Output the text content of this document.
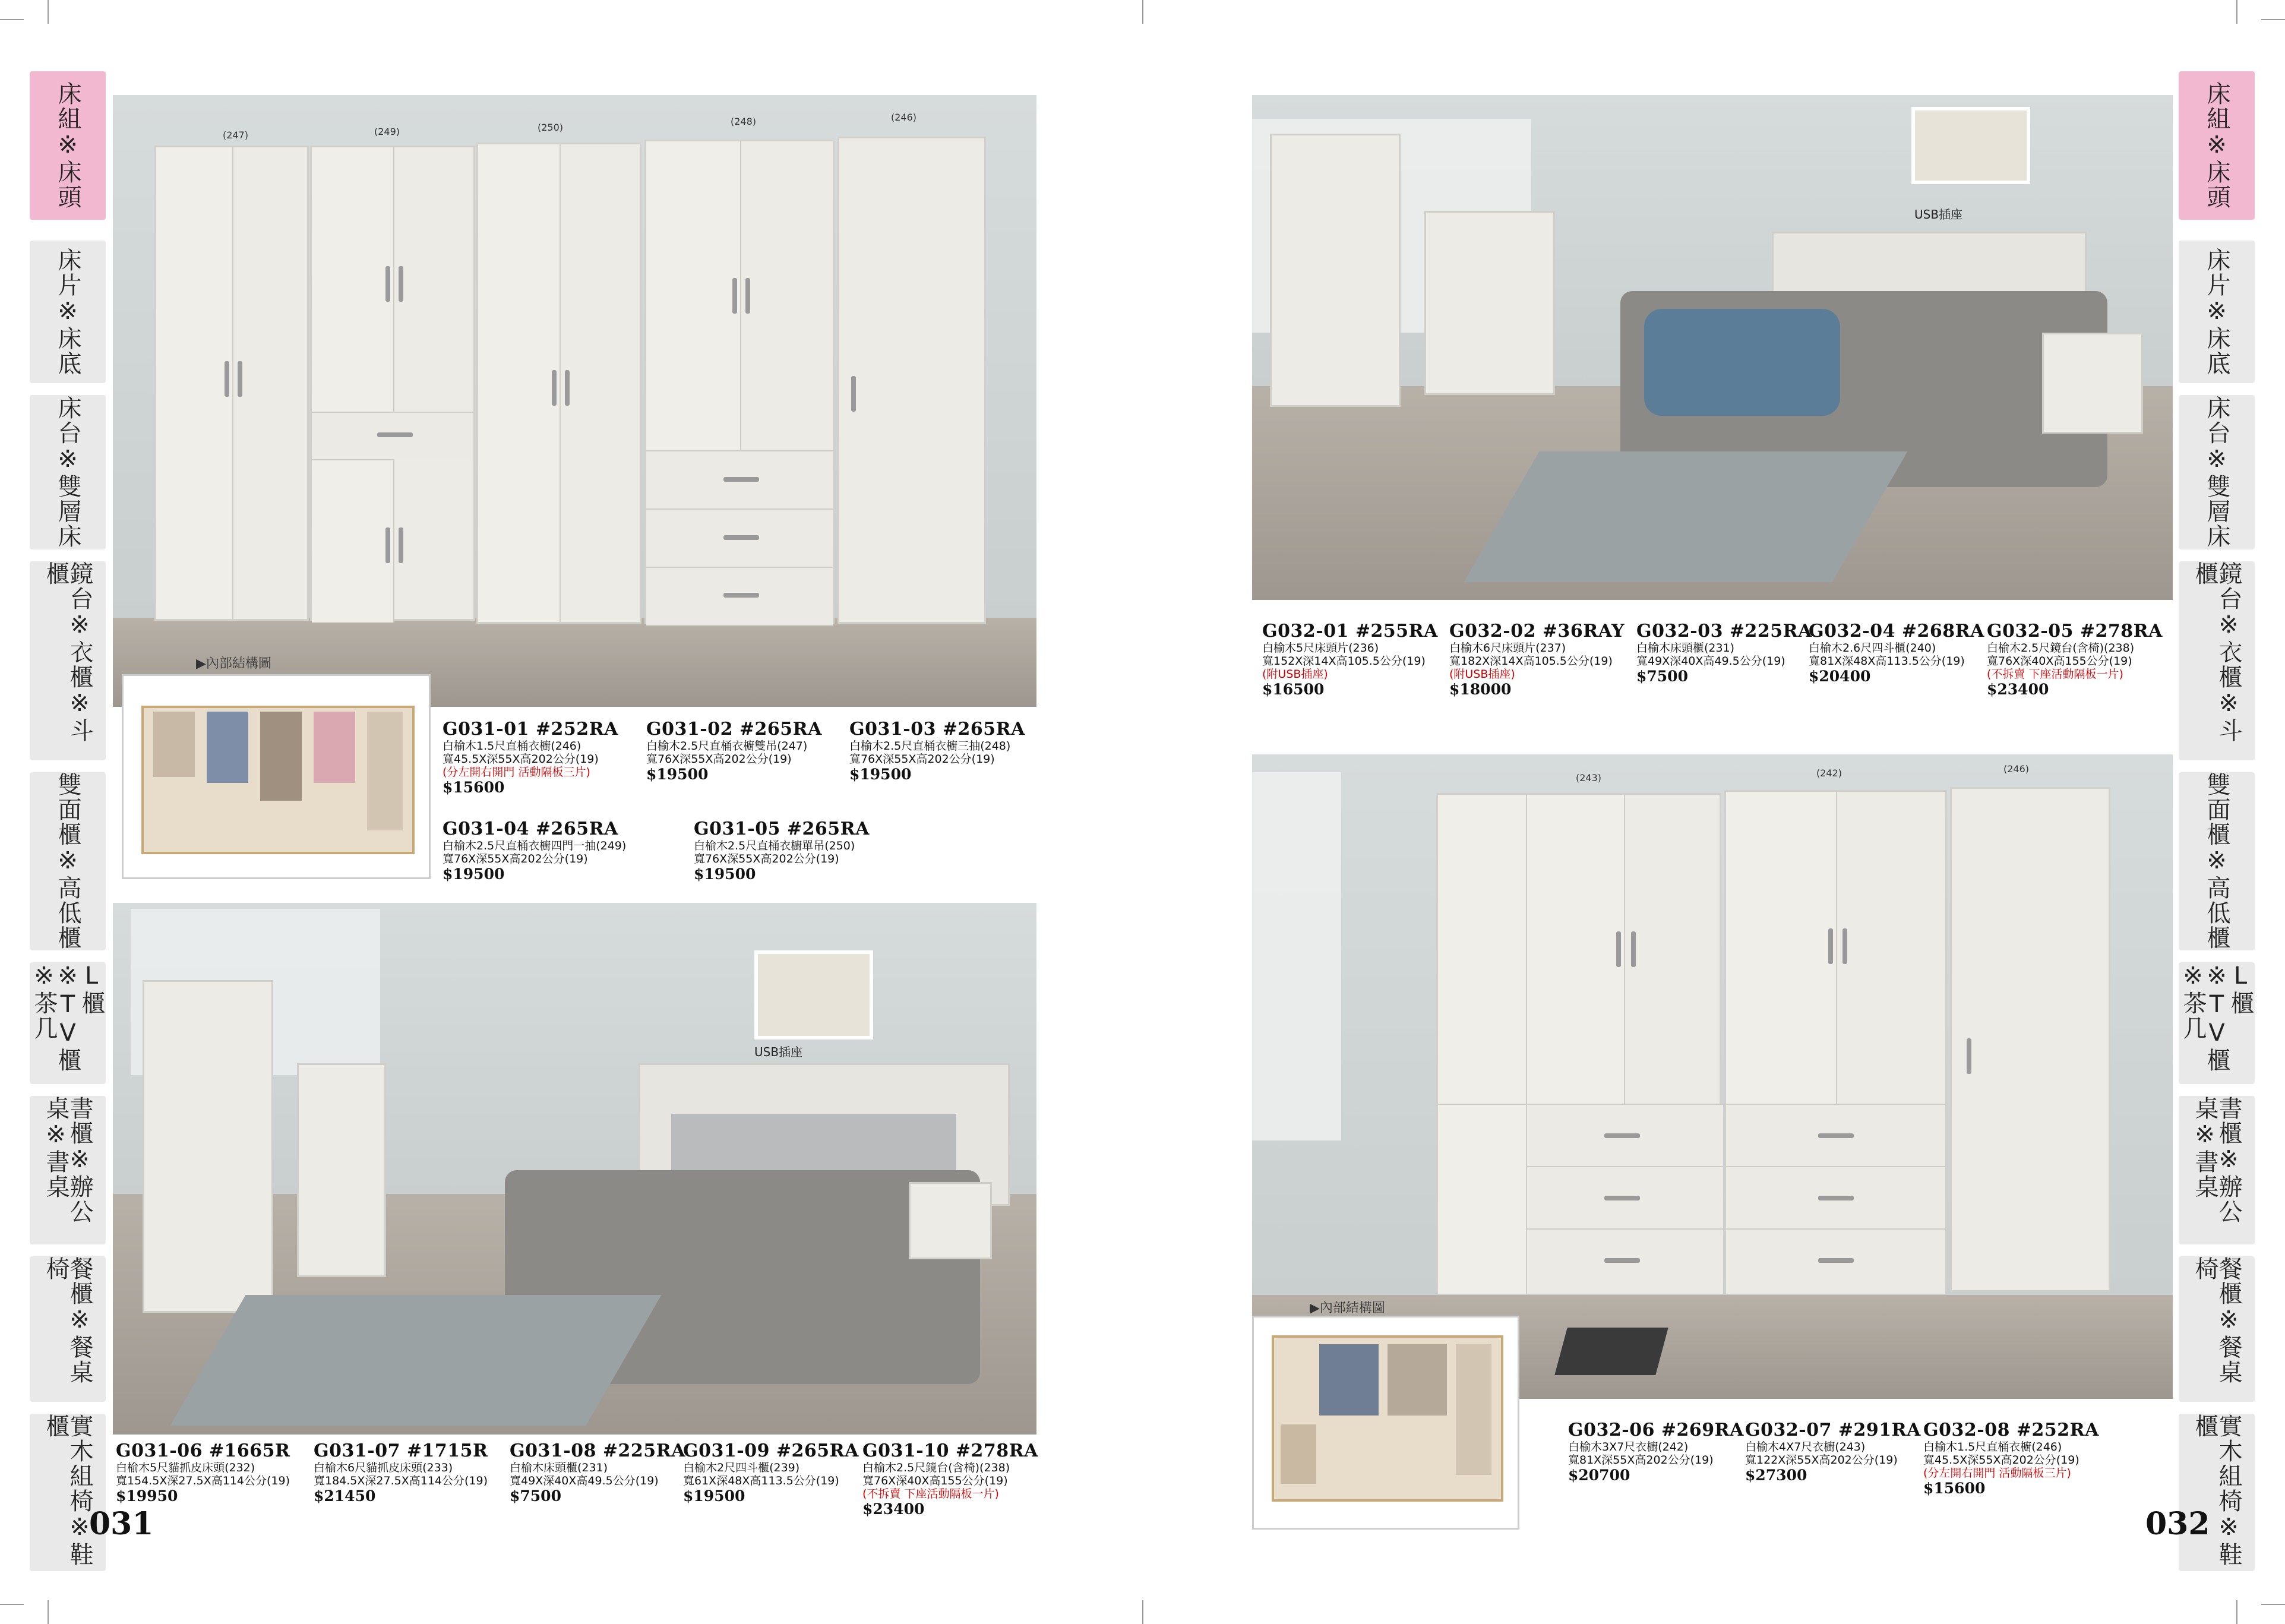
床組※床頭
床片※床底
床台※雙層床
鏡台※衣櫃※斗櫃
雙面櫃※高低櫃
L櫃※TV櫃※茶几
書櫃※辦公桌※書桌
餐櫃※餐桌椅
實木組椅※鞋櫃
床組※床頭
床片※床底
床台※雙層床
鏡台※衣櫃※斗櫃
雙面櫃※高低櫃
L櫃※TV櫃※茶几
書櫃※辦公桌※書桌
餐櫃※餐桌椅
實木組椅※鞋櫃
(247)	(249)	(250)
(248)	(246)
▶內部結構圖
G031-01 #252RA
白榆木1.5尺直桶衣櫥(246)
寬45.5X深55X高202公分(19)
(分左開右開門 活動隔板三片)
$15600
G031-02 #265RA
白榆木2.5尺直桶衣櫥雙吊(247)
寬76X深55X高202公分(19)
$19500
G031-03 #265RA
白榆木2.5尺直桶衣櫥三抽(248)
寬76X深55X高202公分(19)
$19500
G031-04 #265RA
白榆木2.5尺直桶衣櫥四門一抽(249)
寬76X深55X高202公分(19)
$19500
G031-05 #265RA
白榆木2.5尺直桶衣櫥單吊(250)
寬76X深55X高202公分(19)
$19500
USB插座
G031-06 #1665R
白榆木5尺貓抓皮床頭(232)
寬154.5X深27.5X高114公分(19)
$19950
G031-07 #1715R
白榆木6尺貓抓皮床頭(233)
寬184.5X深27.5X高114公分(19)
$21450
G031-08 #225RA
白榆木床頭櫃(231)
寬49X深40X高49.5公分(19)
$7500
G031-09 #265RA
白榆木2尺四斗櫃(239)
寬61X深48X高113.5公分(19)
$19500
G031-10 #278RA
白榆木2.5尺鏡台(含椅)(238)
寬76X深40X高155公分(19)
(不拆賣 下座活動隔板一片)
$23400
031
USB插座
G032-01 #255RA
白榆木5尺床頭片(236)
寬152X深14X高105.5公分(19)
(附USB插座)
$16500
G032-02 #36RAY
白榆木6尺床頭片(237)
寬182X深14X高105.5公分(19)
(附USB插座)
$18000
G032-03 #225RA
白榆木床頭櫃(231)
寬49X深40X高49.5公分(19)
$7500
G032-04 #268RA
白榆木2.6尺四斗櫃(240)
寬81X深48X高113.5公分(19)
$20400
G032-05 #278RA
白榆木2.5尺鏡台(含椅)(238)
寬76X深40X高155公分(19)
(不拆賣 下座活動隔板一片)
$23400
(243)	(242)	(246)
▶內部結構圖
G032-06 #269RA
白榆木3X7尺衣櫥(242)
寬81X深55X高202公分(19)
$20700
G032-07 #291RA
白榆木4X7尺衣櫥(243)
寬122X深55X高202公分(19)
$27300
G032-08 #252RA
白榆木1.5尺直桶衣櫥(246)
寬45.5X深55X高202公分(19)
(分左開右開門 活動隔板三片)
$15600
032
